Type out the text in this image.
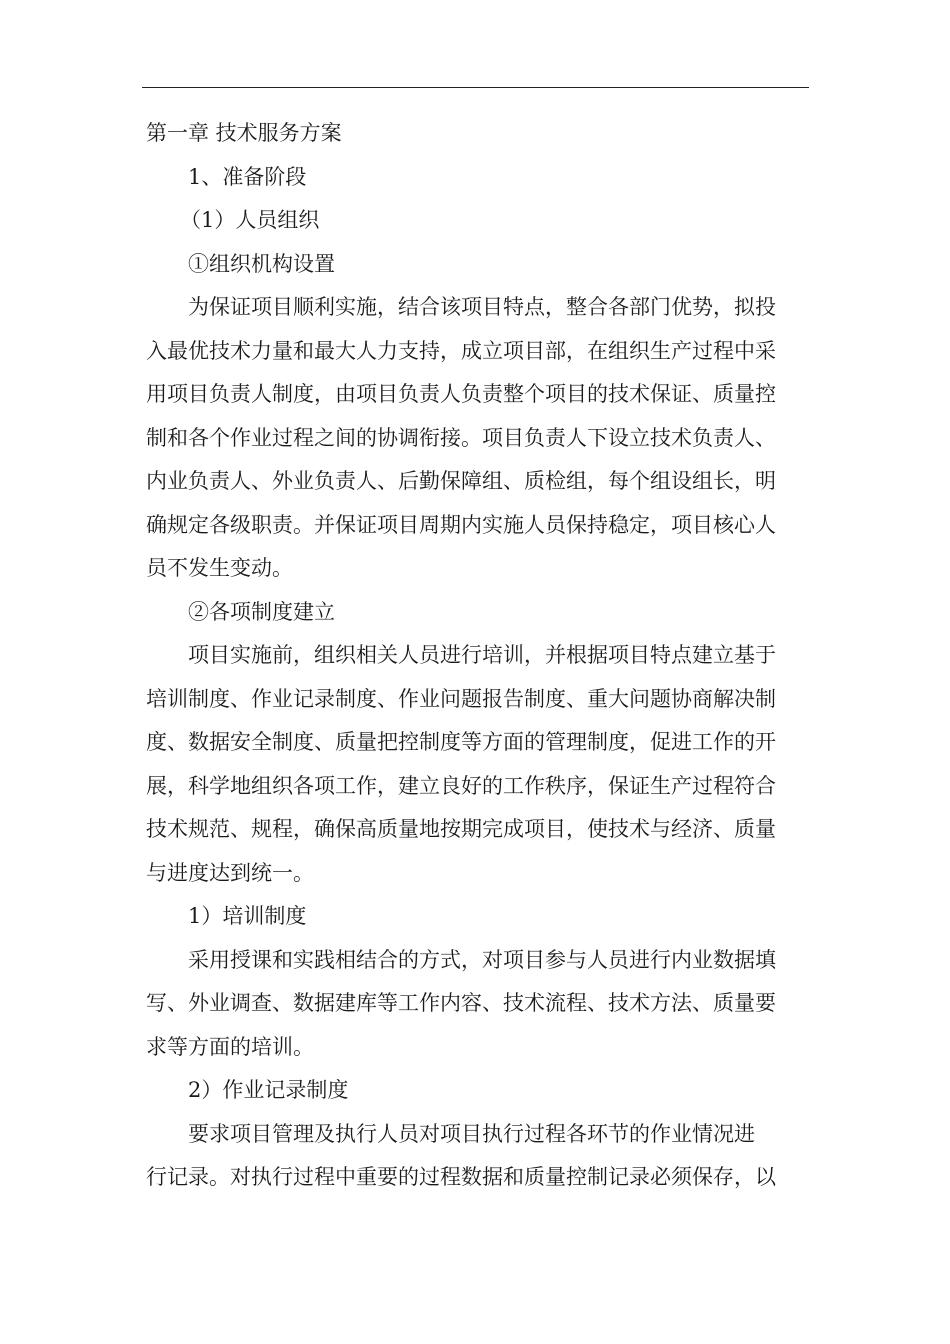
第一章 技术服务方案
1、准备阶段
（1）人员组织
①组织机构设置
为保证项目顺利实施，结合该项目特点，整合各部门优势，拟投
入最优技术力量和最大人力支持，成立项目部，在组织生产过程中采
用项目负责人制度，由项目负责人负责整个项目的技术保证、质量控
制和各个作业过程之间的协调衔接。项目负责人下设立技术负责人、
内业负责人、外业负责人、后勤保障组、质检组，每个组设组长，明
确规定各级职责。并保证项目周期内实施人员保持稳定，项目核心人
员不发生变动。
②各项制度建立
项目实施前，组织相关人员进行培训，并根据项目特点建立基于
培训制度、作业记录制度、作业问题报告制度、重大问题协商解决制
度、数据安全制度、质量把控制度等方面的管理制度，促进工作的开
展，科学地组织各项工作，建立良好的工作秩序，保证生产过程符合
技术规范、规程，确保高质量地按期完成项目，使技术与经济、质量
与进度达到统一。
1）培训制度
采用授课和实践相结合的方式，对项目参与人员进行内业数据填
写、外业调查、数据建库等工作内容、技术流程、技术方法、质量要
求等方面的培训。
2）作业记录制度
要求项目管理及执行人员对项目执行过程各环节的作业情况进
行记录。对执行过程中重要的过程数据和质量控制记录必须保存，以
